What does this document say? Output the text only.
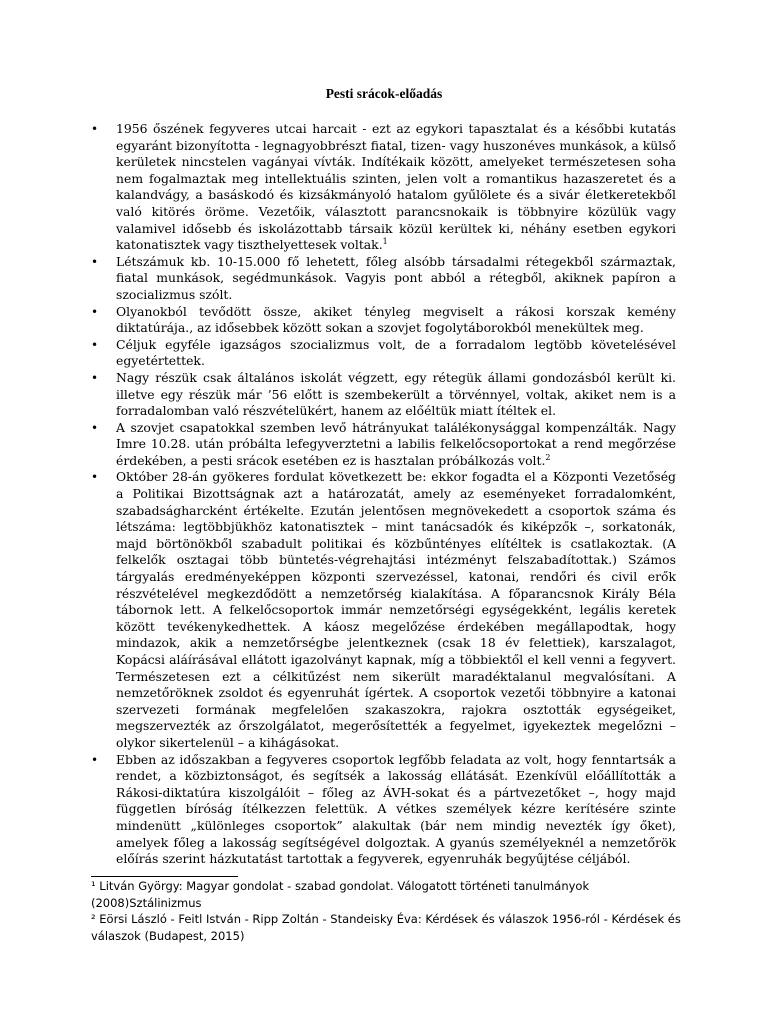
Pesti srácok-előadás
• 1956 őszének fegyveres utcai harcait - ezt az egykori tapasztalat és a későbbi kutatás egyaránt bizonyította - legnagyobbrészt fiatal, tizen- vagy huszonéves munkások, a külső kerületek nincstelen vagányai vívták. Indítékaik között, amelyeket természetesen soha nem fogalmaztak meg intellektuális szinten, jelen volt a romantikus hazaszeretet és a kalandvágy, a basáskodó és kizsákmányoló hatalom gyűlölete és a sivár életkeretekből való kitörés öröme. Vezetőik, választott parancsnokaik is többnyire közülük vagy valamivel idősebb és iskolázottabb társaik közül kerültek ki, néhány esetben egykori katonatisztek vagy tiszthelyettesek voltak.$^1$
• Létszámuk kb. 10-15.000 fő lehetett, főleg alsóbb társadalmi rétegekből származtak, fiatal munkások, segédmunkások. Vagyis pont abból a rétegből, akiknek papíron a szocializmus szólt.
• Olyanokból tevődött össze, akiket tényleg megviselt a rákosi korszak kemény diktatúrája., az idősebbek között sokan a szovjet fogolytáborokból menekültek meg.
• Céljuk egyféle igazságos szocializmus volt, de a forradalom legtöbb követelésével egyetértettek.
• Nagy részük csak általános iskolát végzett, egy rétegük állami gondozásból került ki. illetve egy részük már ’56 előtt is szembekerült a törvénnyel, voltak, akiket nem is a forradalomban való részvételükért, hanem az előéltük miatt ítéltek el.
• A szovjet csapatokkal szemben levő hátrányukat találékonysággal kompenzálták. Nagy Imre 10.28. után próbálta lefegyverztetni a labilis felkelőcsoportokat a rend megőrzése érdekében, a pesti srácok esetében ez is hasztalan próbálkozás volt.$^2$
• Október 28-án gyökeres fordulat következett be: ekkor fogadta el a Központi Vezetőség a Politikai Bizottságnak azt a határozatát, amely az eseményeket forradalomként, szabadságharcként értékelte. Ezután jelentősen megnövekedett a csoportok száma és létszáma: legtöbbjükhöz katonatisztek – mint tanácsadók és kiképzők –, sorkatonák, majd börtönökből szabadult politikai és közbűntényes elítéltek is csatlakoztak. (A felkelők osztagai több büntetés-végrehajtási intézményt felszabadítottak.) Számos tárgyalás eredményeképpen központi szervezéssel, katonai, rendőri és civil erők részvételével megkezdődött a nemzetőrség kialakítása. A főparancsnok Király Béla tábornok lett. A felkelőcsoportok immár nemzetőrségi egységekként, legális keretek között tevékenykedhettek. A káosz megelőzése érdekében megállapodtak, hogy mindazok, akik a nemzetőrségbe jelentkeznek (csak 18 év felettiek), karszalagot, Kopácsi aláírásával ellátott igazolványt kapnak, míg a többiektől el kell venni a fegyvert. Természetesen ezt a célkitűzést nem sikerült maradéktalanul megvalósítani. A nemzetőröknek zsoldot és egyenruhát ígértek. A csoportok vezetői többnyire a katonai szervezeti formának megfelelően szakaszokra, rajokra osztották egységeiket, megszervezték az őrszolgálatot, megerősítették a fegyelmet, igyekeztek megelőzni – olykor sikertelenül – a kihágásokat.
• Ebben az időszakban a fegyveres csoportok legfőbb feladata az volt, hogy fenntartsák a rendet, a közbiztonságot, és segítsék a lakosság ellátását. Ezenkívül előállították a Rákosi-diktatúra kiszolgálóit – főleg az ÁVH-sokat és a pártvezetőket –, hogy majd független bíróság ítélkezzen felettük. A vétkes személyek kézre kerítésére szinte mindenütt „különleges csoportok” alakultak (bár nem mindig nevezték így őket), amelyek főleg a lakosság segítségével dolgoztak. A gyanús személyeknél a nemzetőrök előírás szerint házkutatást tartottak a fegyverek, egyenruhák begyűjtése céljából.

¹ Litván György: Magyar gondolat - szabad gondolat. Válogatott történeti tanulmányok (2008)Sztálinizmus

² Eörsi László - Feitl István - Ripp Zoltán - Standeisky Éva: Kérdések és válaszok 1956-ról - Kérdések és válaszok (Budapest, 2015)
